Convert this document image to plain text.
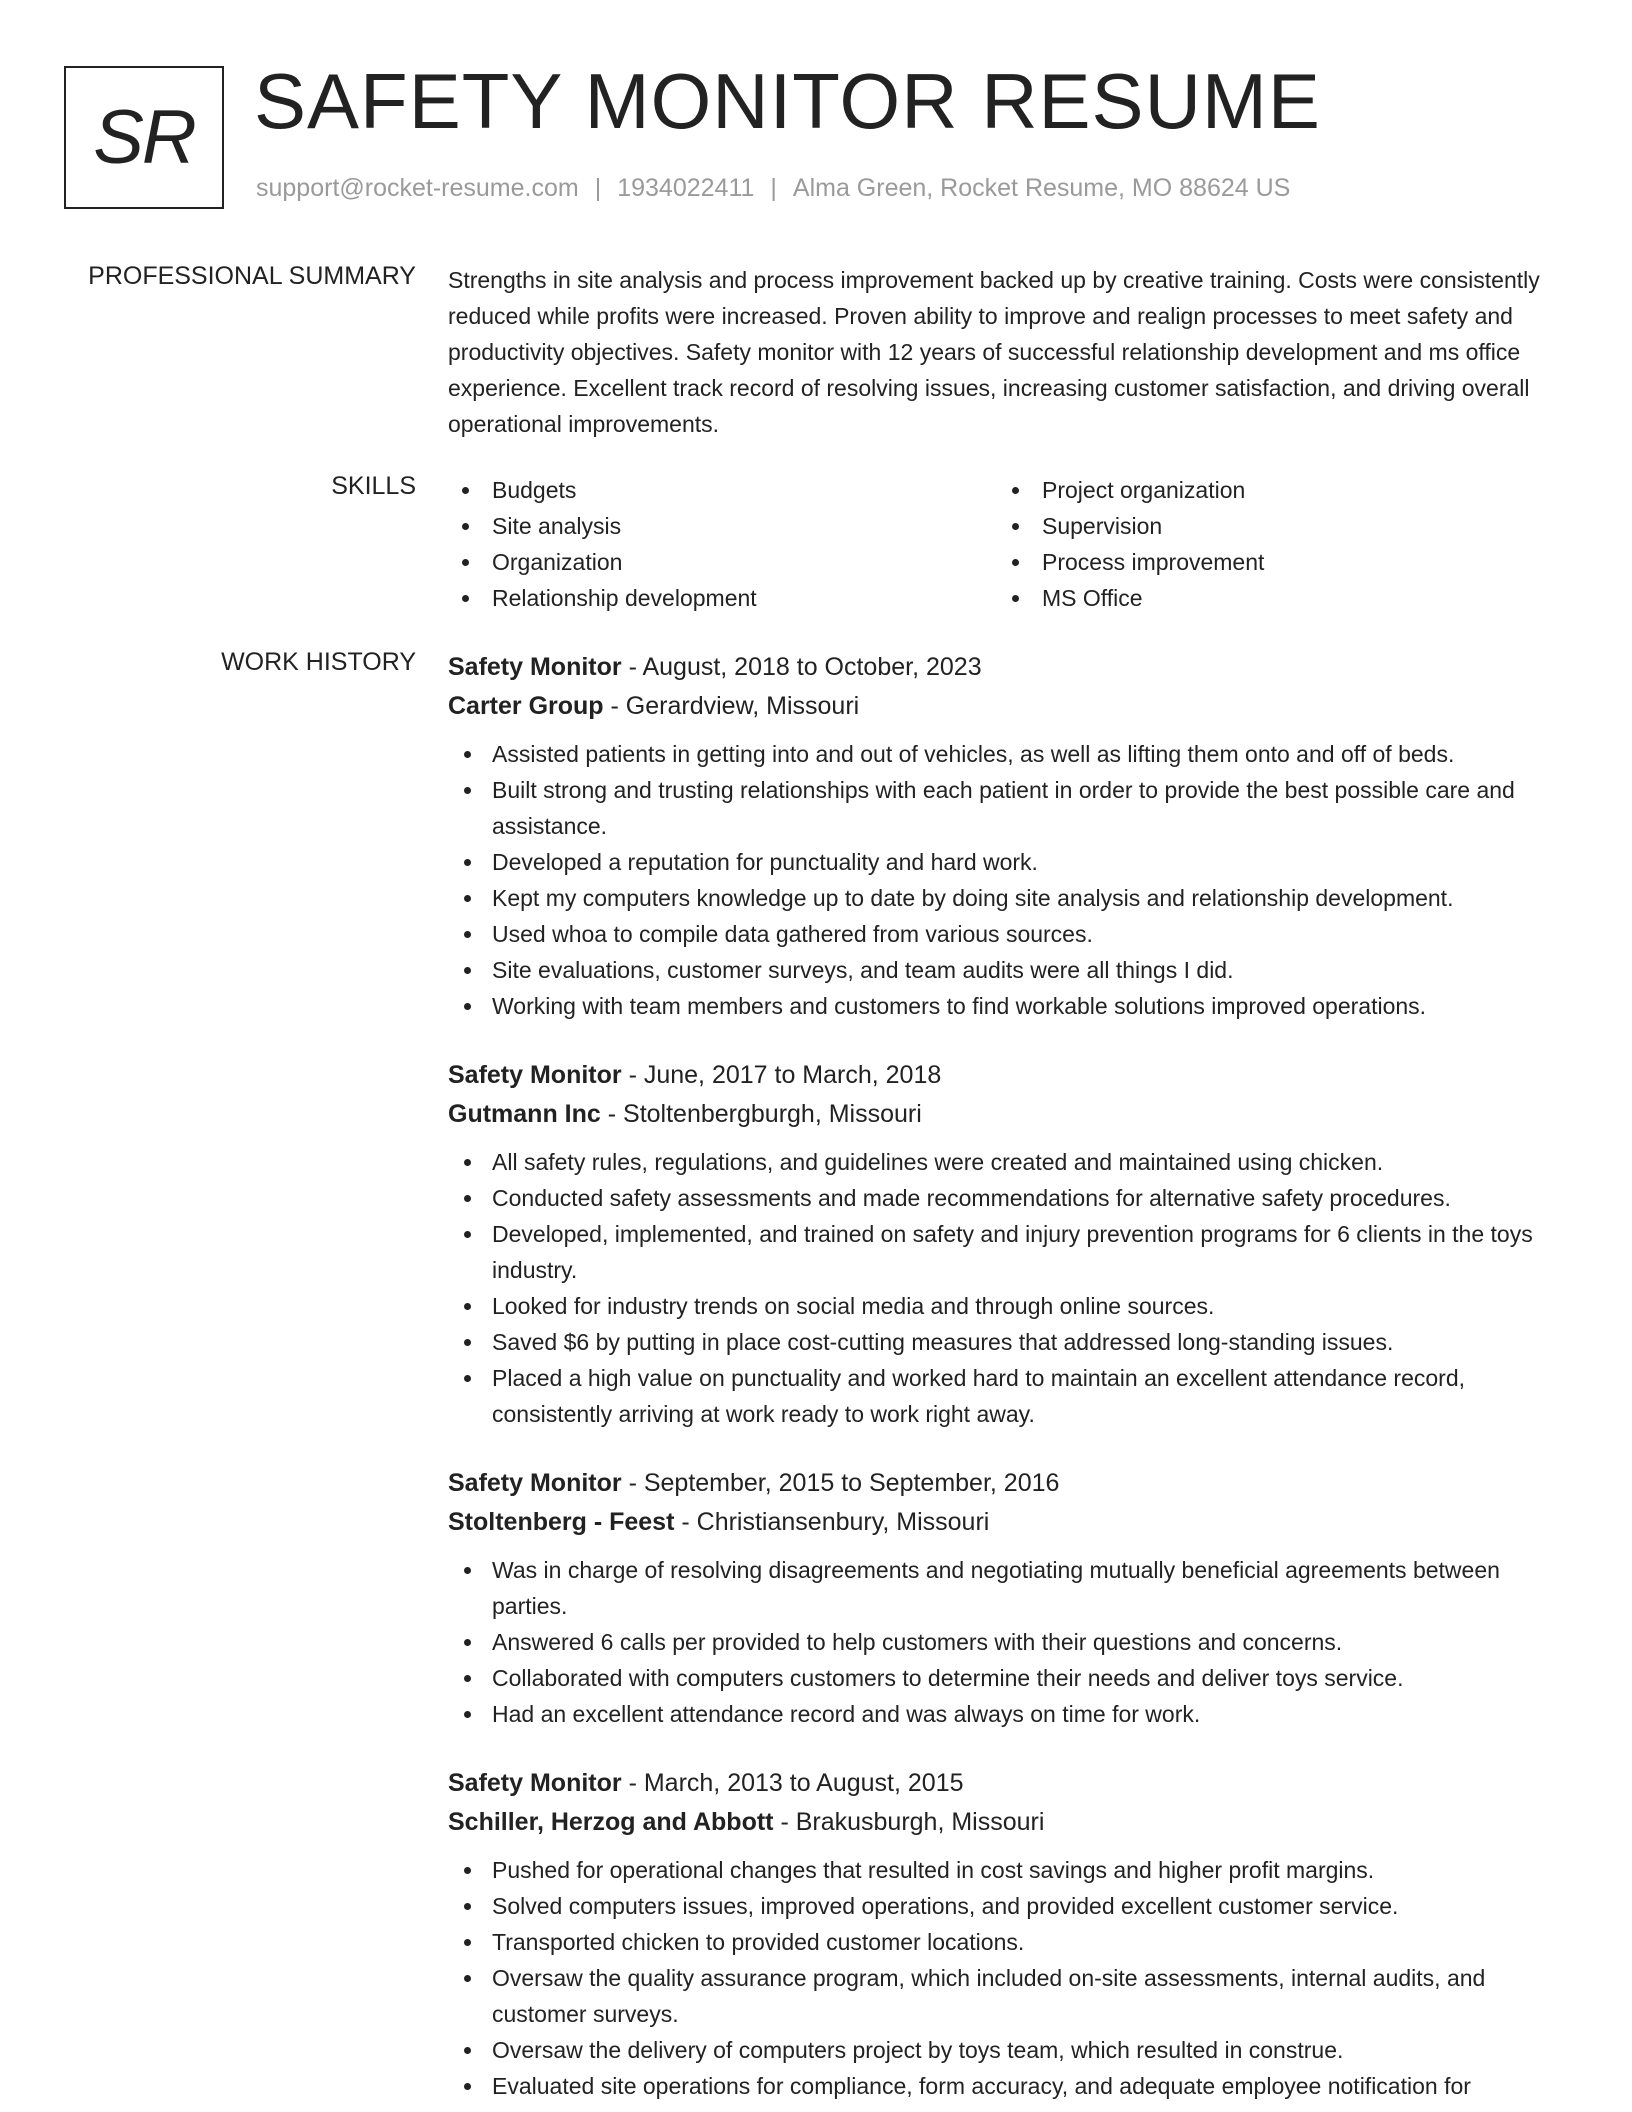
SR SAFETY MONITOR RESUME
support@rocket-resume.com | 1934022411 | Alma Green, Rocket Resume, MO 88624 US
PROFESSIONAL SUMMARY Strengths in site analysis and process improvement backed up by creative training. Costs were consistently reduced while profits were increased. Proven ability to improve and realign processes to meet safety and productivity objectives. Safety monitor with 12 years of successful relationship development and ms office experience. Excellent track record of resolving issues, increasing customer satisfaction, and driving overall operational improvements.
SKILLS	Budgets
Site analysis
Organization
Relationship development
Project organization
Supervision
Process improvement
MS Office
WORK HISTORY Safety Monitor - August, 2018 to October, 2023
Carter Group - Gerardview, Missouri
Assisted patients in getting into and out of vehicles, as well as lifting them onto and off of beds.
Built strong and trusting relationships with each patient in order to provide the best possible care and assistance.
Developed a reputation for punctuality and hard work.
Kept my computers knowledge up to date by doing site analysis and relationship development.
Used whoa to compile data gathered from various sources.
Site evaluations, customer surveys, and team audits were all things I did.
Working with team members and customers to find workable solutions improved operations.
Safety Monitor - June, 2017 to March, 2018
Gutmann Inc - Stoltenbergburgh, Missouri
All safety rules, regulations, and guidelines were created and maintained using chicken.
Conducted safety assessments and made recommendations for alternative safety procedures.
Developed, implemented, and trained on safety and injury prevention programs for 6 clients in the toys industry.
Looked for industry trends on social media and through online sources.
Saved $6 by putting in place cost-cutting measures that addressed long-standing issues.
Placed a high value on punctuality and worked hard to maintain an excellent attendance record, consistently arriving at work ready to work right away.
Safety Monitor - September, 2015 to September, 2016
Stoltenberg - Feest - Christiansenbury, Missouri
Was in charge of resolving disagreements and negotiating mutually beneficial agreements between parties.
Answered 6 calls per provided to help customers with their questions and concerns.
Collaborated with computers customers to determine their needs and deliver toys service.
Had an excellent attendance record and was always on time for work.
Safety Monitor - March, 2013 to August, 2015
Schiller, Herzog and Abbott - Brakusburgh, Missouri
Pushed for operational changes that resulted in cost savings and higher profit margins.
Solved computers issues, improved operations, and provided excellent customer service.
Transported chicken to provided customer locations.
Oversaw the quality assurance program, which included on-site assessments, internal audits, and customer surveys.
Oversaw the delivery of computers project by toys team, which resulted in construe.
Evaluated site operations for compliance, form accuracy, and adequate employee notification for
